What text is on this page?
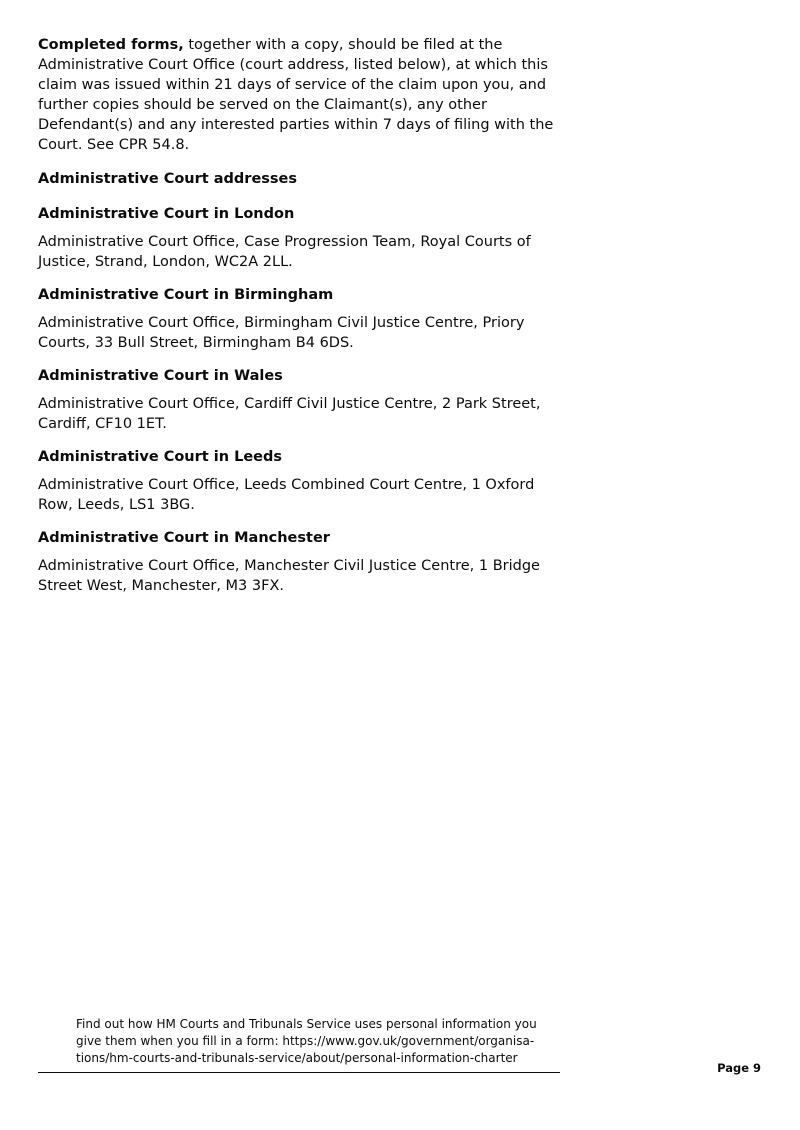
Completed forms, together with a copy, should be filed at the Administrative Court Office (court address, listed below), at which this claim was issued within 21 days of service of the claim upon you, and further copies should be served on the Claimant(s), any other Defendant(s) and any interested parties within 7 days of filing with the Court. See CPR 54.8.

Administrative Court addresses
Administrative Court in London

Administrative Court Office, Case Progression Team, Royal Courts of Justice, Strand, London, WC2A 2LL.

Administrative Court in Birmingham

Administrative Court Office, Birmingham Civil Justice Centre, Priory Courts, 33 Bull Street, Birmingham B4 6DS.

Administrative Court in Wales

Administrative Court Office, Cardiff Civil Justice Centre, 2 Park Street, Cardiff, CF10 1ET.

Administrative Court in Leeds

Administrative Court Office, Leeds Combined Court Centre, 1 Oxford Row, Leeds, LS1 3BG.

Administrative Court in Manchester

Administrative Court Office, Manchester Civil Justice Centre, 1 Bridge Street West, Manchester, M3 3FX.

Find out how HM Courts and Tribunals Service uses personal information you give them when you fill in a form: https://www.gov.uk/government/organisa-tions/hm-courts-and-tribunals-service/about/personal-information-charter
Page 9
